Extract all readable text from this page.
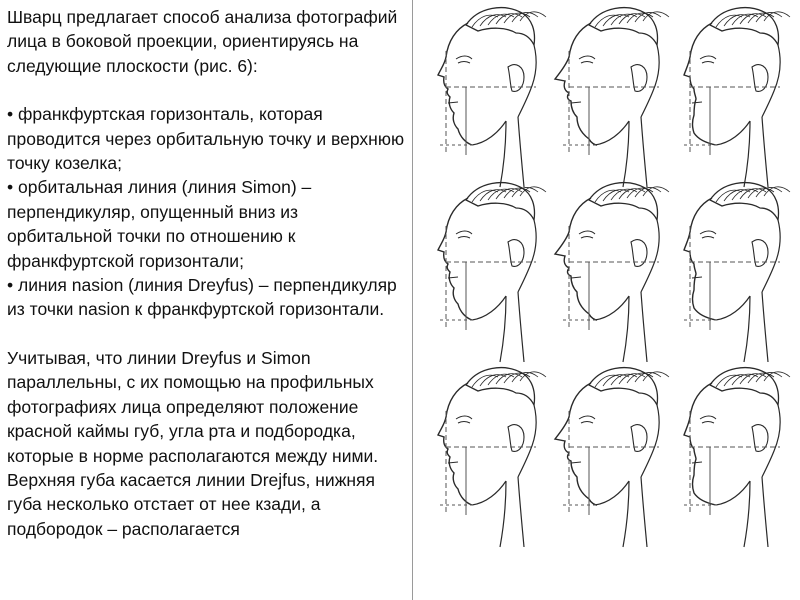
Шварц предлагает способ анализа фотографий лица в боковой проекции, ориентируясь на следующие плоскости (рис. 6):

• франкфуртская горизонталь, которая проводится через орбитальную точку и верхнюю точку козелка;

• орбитальная линия (линия Simon) – перпендикуляр, опущенный вниз из орбитальной точки по отношению к франкфуртской горизонтали;

• линия nasion (линия Dreyfus) – перпендикуляр из точки nasion к франкфуртской горизонтали.

Учитывая, что линии Dreyfus и Simon параллельны, с их помощью на профильных фотографиях лица определяют положение красной каймы губ, угла рта и подбородка, которые в норме располагаются между ними. Верхняя губа касается линии Drejfus, нижняя губа несколько отстает от нее кзади, а подбородок – располагается
